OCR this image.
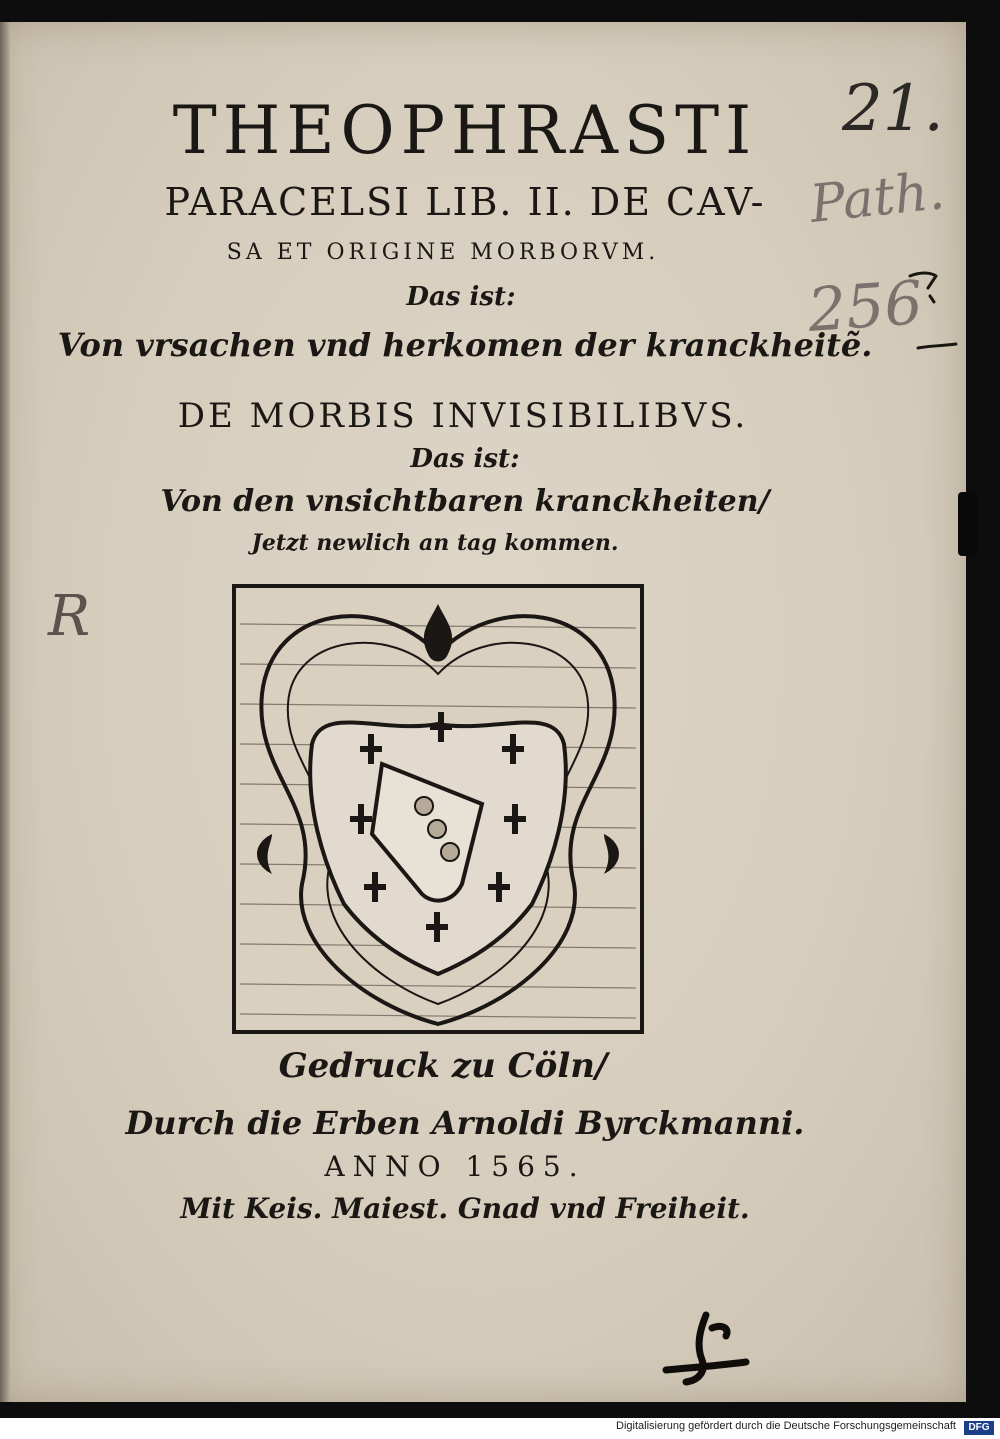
THEOPHRASTI
PARACELSI LIB. II. DE CAV-
SA ET ORIGINE MORBORVM.
Das ist:
Von vrsachen vnd herkomen der kranckheitẽ.
DE MORBIS INVISIBILIBVS.
Das ist:
Von den vnsichtbaren kranckheiten/
Jetzt newlich an tag kommen.
Gedruck zu Cöln/
Durch die Erben Arnoldi Byrckmanni.
ANNO 1565.
Mit Keis. Maiest. Gnad vnd Freiheit.
21.
Path.
256
R
Digitalisierung gefördert durch die Deutsche Forschungsgemeinschaft	DFG
